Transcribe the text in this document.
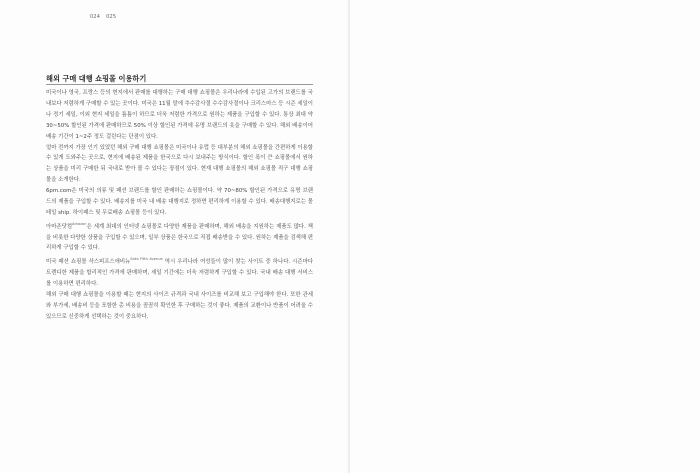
024 025
해외 구매 대행 쇼핑몰 이용하기

미국이나 영국, 프랑스 등의 현지에서 판매를 대행하는 구매 대행 쇼핑몰은 우리나라에 수입된 고가의 브랜드를 국내보다 저렴하게 구매할 수 있는 곳이다. 미국은 11월 말에 추수감사절 수수감사절이나 크리스마스 등 시즌 세일이나 정기 세일, 이외 현지 세일을 틈틈이 하므로 더욱 저렴한 가격으로 원하는 제품을 구입할 수 있다. 통상 최대 약 30~50% 할인된 가격에 판매하므로 50% 이상 할인된 가격에 유명 브랜드의 옷을 구매할 수 있다. 해외 배송이어 배송 기간이 1~2주 정도 걸린다는 단점이 있다.

얼마 전까지 가장 인기 있었던 해외 구매 대행 쇼핑몰은 미국이나 유럽 등 대부분의 해외 쇼핑몰을 간편하게 이용할 수 있게 도와주는 곳으로, 현지에 배송된 제품을 한국으로 다시 보내주는 방식이다. 할인 폭이 큰 쇼핑몰에서 원하는 상품을 미리 구매한 뒤 국내로 받아 볼 수 있다는 장점이 있다. 현재 대행 쇼핑몰의 해외 쇼핑몰 직구 대행 쇼핑몰을 소개한다.

6pm.com은 미국의 의류 및 패션 브랜드를 할인 판매하는 쇼핑몰이다. 약 70~80% 할인된 가격으로 유명 브랜드의 제품을 구입할 수 있다. 배송지를 미국 내 배송 대행지로 정하면 편리하게 이용할 수 있다. 배송대행지로는 몰테일 ship. 하이패스 및 무료배송 쇼핑몰 등이 있다.

아마존닷컴$^{Amazon}$은 세계 최대의 인터넷 쇼핑몰로 다양한 제품을 판매하며, 해외 배송을 지원하는 제품도 많다. 책을 비롯한 다양한 상품을 구입할 수 있으며, 일부 상품은 한국으로 직접 배송받을 수 있다. 원하는 제품을 검색해 편리하게 구입할 수 있다.

미국 패션 쇼핑몰 삭스피프스애비뉴$^{Saks Fifth Avenue}$ 역시 우리나라 여성들이 많이 찾는 사이트 중 하나다. 시즌마다 트렌디한 제품을 합리적인 가격에 판매하며, 세일 기간에는 더욱 저렴하게 구입할 수 있다. 국내 배송 대행 서비스를 이용하면 편리하다.

해외 구매 대행 쇼핑몰을 이용할 때는 현지의 사이즈 규격과 국내 사이즈를 비교해 보고 구입해야 한다. 또한 관세와 부가세, 배송비 등을 포함한 총 비용을 꼼꼼히 확인한 후 구매하는 것이 좋다. 제품의 교환이나 반품이 어려울 수 있으므로 신중하게 선택하는 것이 중요하다.
